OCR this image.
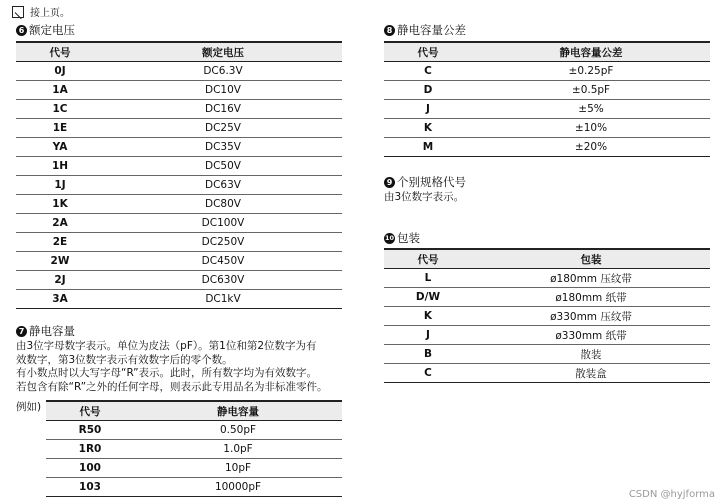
接上页。
6 额定电压
代号	额定电压
0J	DC6.3V
1A	DC10V
1C	DC16V
1E	DC25V
YA	DC35V
1H	DC50V
1J	DC63V
1K	DC80V
2A	DC100V
2E	DC250V
2W	DC450V
2J	DC630V
3A	DC1kV
7 静电容量
由3位字母数字表示。单位为皮法（pF）。第1位和第2位数字为有
效数字，第3位数字表示有效数字后的零个数。
有小数点时以大写字母“R”表示。此时，所有数字均为有效数字。
若包含有除“R”之外的任何字母，则表示此专用品名为非标准零件。
例如)	代号	静电容量
R50	0.50pF
1R0	1.0pF
100	10pF
103	10000pF
8 静电容量公差
代号	静电容量公差
C	±0.25pF
D	±0.5pF
J	±5%
K	±10%
M	±20%
9 个别规格代号
由3位数字表示。
10 包装
代号	包装
L	ø180mm 压纹带
D/W	ø180mm 纸带
K	ø330mm 压纹带
J	ø330mm 纸带
B	散装
C	散装盒
CSDN @hyjforma
